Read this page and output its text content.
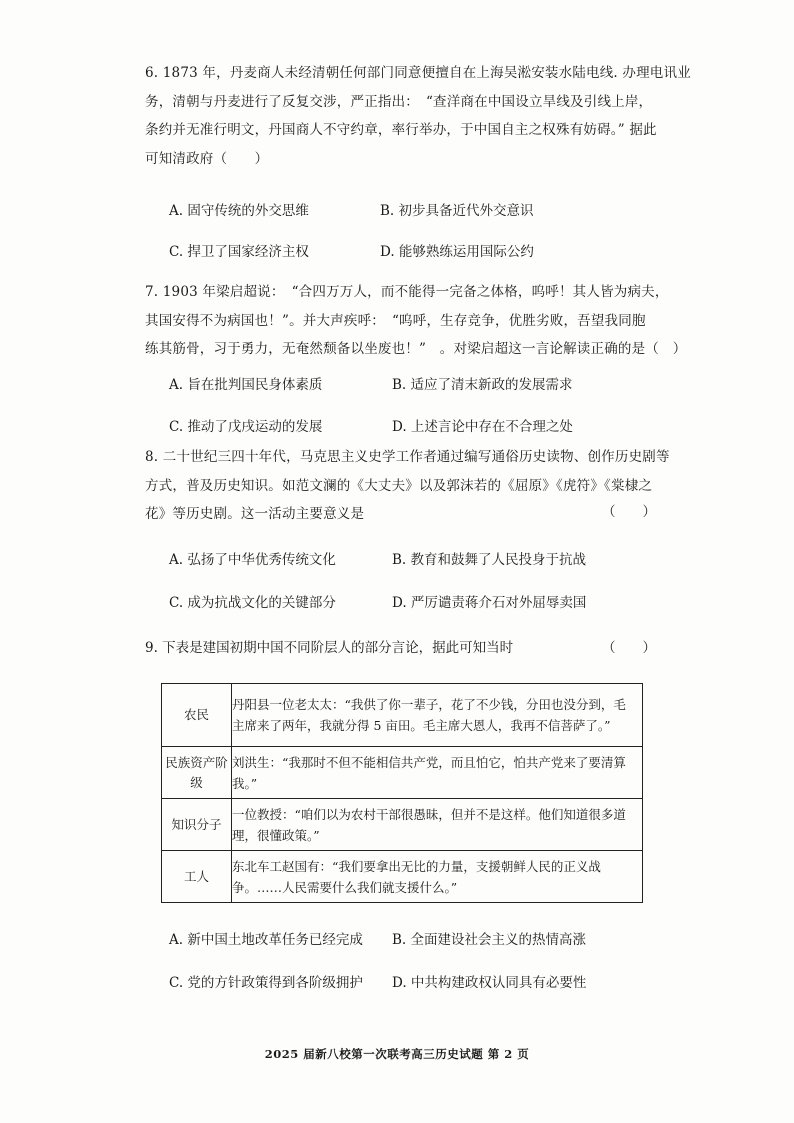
6. 1873 年，丹麦商人未经清朝任何部门同意便擅自在上海吴淞安装水陆电线. 办理电讯业
务，清朝与丹麦进行了反复交涉，严正指出：　“查洋商在中国设立旱线及引线上岸，
条约并无准行明文，丹国商人不守约章，率行举办，于中国自主之权殊有妨碍。” 据此
可知清政府（　　）
A. 固守传统的外交思维	B. 初步具备近代外交意识
C. 捍卫了国家经济主权	D. 能够熟练运用国际公约
7. 1903 年梁启超说：　“合四万万人，而不能得一完备之体格，呜呼！其人皆为病夫，
其国安得不为病国也！”。并大声疾呼：　“呜呼，生存竞争，优胜劣败，吾望我同胞
练其筋骨，习于勇力，无奄然颓备以坐废也！”　。对梁启超这一言论解读正确的是（　）
A. 旨在批判国民身体素质	B. 适应了清末新政的发展需求
C. 推动了戊戌运动的发展	D. 上述言论中存在不合理之处
8. 二十世纪三四十年代，马克思主义史学工作者通过编写通俗历史读物、创作历史剧等
方式，普及历史知识。如范文澜的《大丈夫》以及郭沫若的《屈原》《虎符》《棠棣之
花》等历史剧。这一活动主要意义是	（　　）
A. 弘扬了中华优秀传统文化	B. 教育和鼓舞了人民投身于抗战
C. 成为抗战文化的关键部分	D. 严厉谴责蒋介石对外屈辱卖国
9. 下表是建国初期中国不同阶层人的部分言论，据此可知当时	（　　）
农民	丹阳县一位老太太：“我供了你一辈子，花了不少钱，分田也没分到，毛
主席来了两年，我就分得 5 亩田。毛主席大恩人，我再不信菩萨了。”

民族资产阶
级	刘洪生：“我那时不但不能相信共产党，而且怕它，怕共产党来了要清算
我。”

知识分子	一位教授：“咱们以为农村干部很愚昧，但并不是这样。他们知道很多道
理，很懂政策。”

工人	东北车工赵国有：“我们要拿出无比的力量，支援朝鲜人民的正义战
争。……人民需要什么我们就支援什么。”
A. 新中国土地改革任务已经完成 B. 全面建设社会主义的热情高涨
C. 党的方针政策得到各阶级拥护 D. 中共构建政权认同具有必要性
2025 届新八校第一次联考高三历史试题 第 2 页
